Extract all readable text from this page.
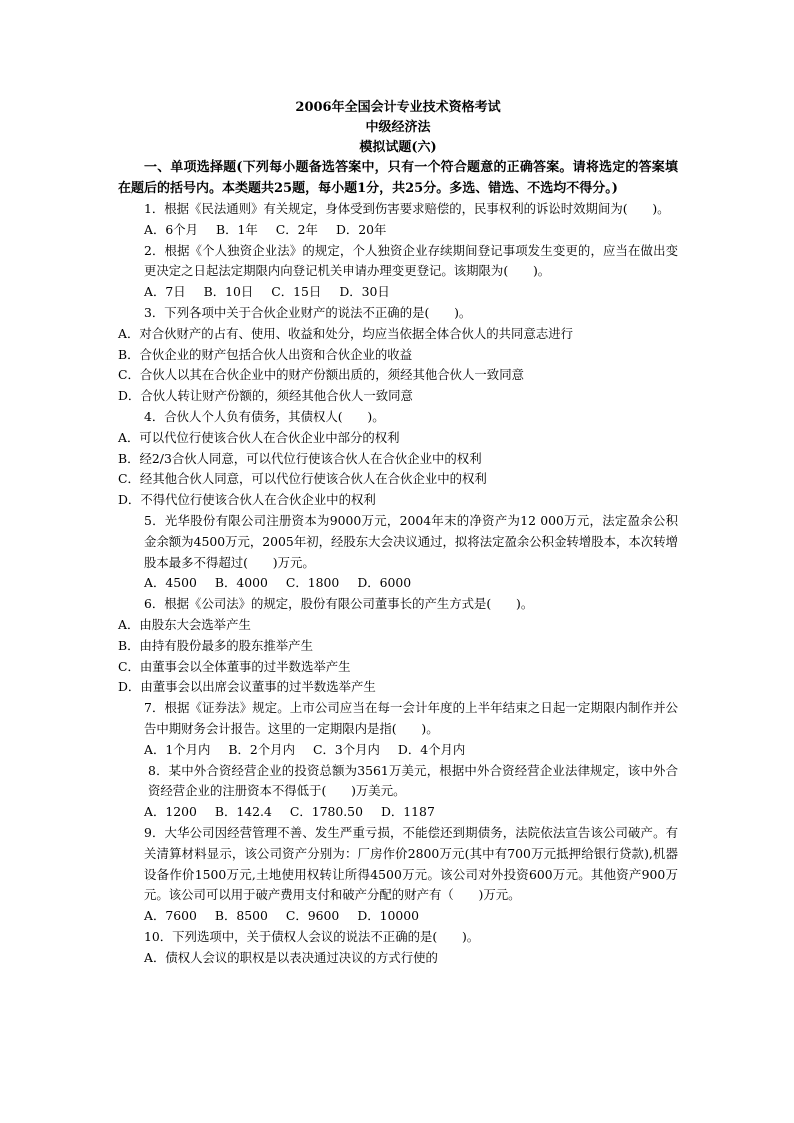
2006年全国会计专业技术资格考试
中级经济法
模拟试题(六)
一、单项选择题(下列每小题备选答案中，只有一个符合题意的正确答案。请将选定的答案填在题后的括号内。本类题共25题，每小题1分，共25分。多选、错选、不选均不得分。)
1．根据《民法通则》有关规定，身体受到伤害要求赔偿的，民事权利的诉讼时效期间为(　　)。
A．6个月 B．1年 C．2年 D．20年
2．根据《个人独资企业法》的规定，个人独资企业存续期间登记事项发生变更的，应当在做出变更决定之日起法定期限内向登记机关申请办理变更登记。该期限为(　　)。
A．7日 B．10日 C．15日 D．30日
3．下列各项中关于合伙企业财产的说法不正确的是(　　)。
A．对合伙财产的占有、使用、收益和处分，均应当依据全体合伙人的共同意志进行
B．合伙企业的财产包括合伙人出资和合伙企业的收益
C．合伙人以其在合伙企业中的财产份额出质的，须经其他合伙人一致同意
D．合伙人转让财产份额的，须经其他合伙人一致同意
4．合伙人个人负有债务，其债权人(　　)。
A．可以代位行使该合伙人在合伙企业中部分的权利
B．经2/3合伙人同意，可以代位行使该合伙人在合伙企业中的权利
C．经其他合伙人同意，可以代位行使该合伙人在合伙企业中的权利
D．不得代位行使该合伙人在合伙企业中的权利
5．光华股份有限公司注册资本为9000万元，2004年末的净资产为12 000万元，法定盈余公积金余额为4500万元，2005年初，经股东大会决议通过，拟将法定盈余公积金转增股本，本次转增股本最多不得超过(　　)万元。
A．4500 B．4000 C．1800 D．6000
6．根据《公司法》的规定，股份有限公司董事长的产生方式是(　　)。
A．由股东大会选举产生
B．由持有股份最多的股东推举产生
C．由董事会以全体董事的过半数选举产生
D．由董事会以出席会议董事的过半数选举产生
7．根据《证券法》规定。上市公司应当在每一会计年度的上半年结束之日起一定期限内制作并公告中期财务会计报告。这里的一定期限内是指(　　)。
A．1个月内 B．2个月内 C．3个月内 D．4个月内
8．某中外合资经营企业的投资总额为3561万美元，根据中外合资经营企业法律规定，该中外合资经营企业的注册资本不得低于(　　)万美元。
A．1200 B．142.4 C．1780.50 D．1187
9．大华公司因经营管理不善、发生严重亏损，不能偿还到期债务，法院依法宣告该公司破产。有关清算材料显示，该公司资产分别为：厂房作价2800万元(其中有700万元抵押给银行贷款),机器设备作价1500万元,土地使用权转让所得4500万元。该公司对外投资600万元。其他资产900万元。该公司可以用于破产费用支付和破产分配的财产有（　　)万元。
A．7600 B．8500 C．9600 D．10000
10．下列选项中，关于债权人会议的说法不正确的是(　　)。
A．债权人会议的职权是以表决通过决议的方式行使的
